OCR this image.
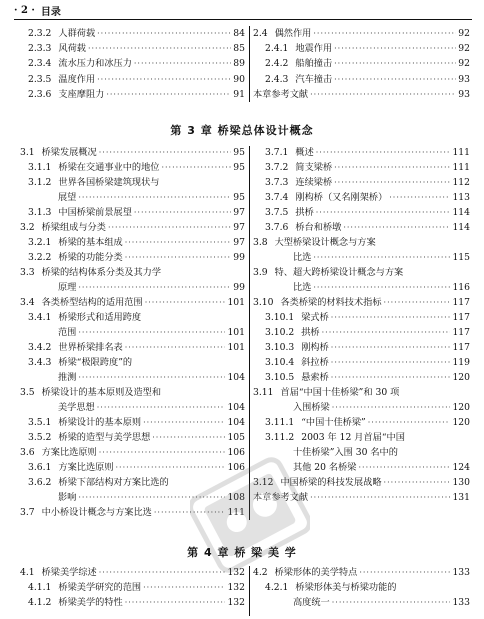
· 2 · 目录
2.3.2 人群荷载 ·····	84
2.3.3 风荷载 ·····	85
2.3.4 流水压力和冰压力 ·····	89
2.3.5 温度作用 ·····	90
2.3.6 支座摩阻力 ·····	91
2.4 偶然作用 ·····	92
2.4.1 地震作用 ·····	92
2.4.2 船舶撞击 ·····	92
2.4.3 汽车撞击 ·····	93
本章参考文献 ·····	93
第 3 章 桥梁总体设计概念
3.1 桥梁发展概况 ·····	95
3.1.1 桥梁在交通事业中的地位 ·····	95
3.1.2 世界各国桥梁建筑现状与
展望 ·····	95
3.1.3 中国桥梁前景展望 ·····	97
3.2 桥梁组成与分类 ·····	97
3.2.1 桥梁的基本组成 ·····	97
3.2.2 桥梁的功能分类 ·····	99
3.3 桥梁的结构体系分类及其力学
原理 ·····	99
3.4 各类桥型结构的适用范围 ·····	101
3.4.1 桥梁形式和适用跨度
范围 ·····	101
3.4.2 世界桥梁排名表 ·····	101
3.4.3 桥梁“极限跨度”的
推测 ·····	104
3.5 桥梁设计的基本原则及造型和
美学思想 ·····	104
3.5.1 桥梁设计的基本原则 ·····	104
3.5.2 桥梁的造型与美学思想 ·····	105
3.6 方案比选原则 ·····	106
3.6.1 方案比选原则 ·····	106
3.6.2 桥梁下部结构对方案比选的
影响 ·····	108
3.7 中小桥设计概念与方案比选 ·····	111
3.7.1 概述 ·····	111
3.7.2 简支梁桥 ·····	111
3.7.3 连续梁桥 ·····	112
3.7.4 刚构桥（又名刚架桥） ·····	113
3.7.5 拱桥 ·····	114
3.7.6 桥台和桥墩 ·····	114
3.8 大型桥梁设计概念与方案
比选 ·····	115
3.9 特、超大跨桥梁设计概念与方案
比选 ·····	116
3.10 各类桥梁的材料技术指标 ·····	117
3.10.1 梁式桥 ·····	117
3.10.2 拱桥 ·····	117
3.10.3 刚构桥 ·····	117
3.10.4 斜拉桥 ·····	119
3.10.5 悬索桥 ·····	120
3.11 首届“中国十佳桥梁”和 30 项
入围桥梁 ·····	120
3.11.1 “中国十佳桥梁” ·····	120
3.11.2 2003 年 12 月首届“中国
十佳桥梁”入围 30 名中的
其他 20 名桥梁 ·····	124
3.12 中国桥梁的科技发展战略 ·····	130
本章参考文献 ·····	131
第 4 章 桥 梁 美 学
4.1 桥梁美学综述 ·····	132
4.1.1 桥梁美学研究的范围 ·····	132
4.1.2 桥梁美学的特性 ·····	132
4.2 桥梁形体的美学特点 ·····	133
4.2.1 桥梁形体美与桥梁功能的
高度统一 ·····	133
